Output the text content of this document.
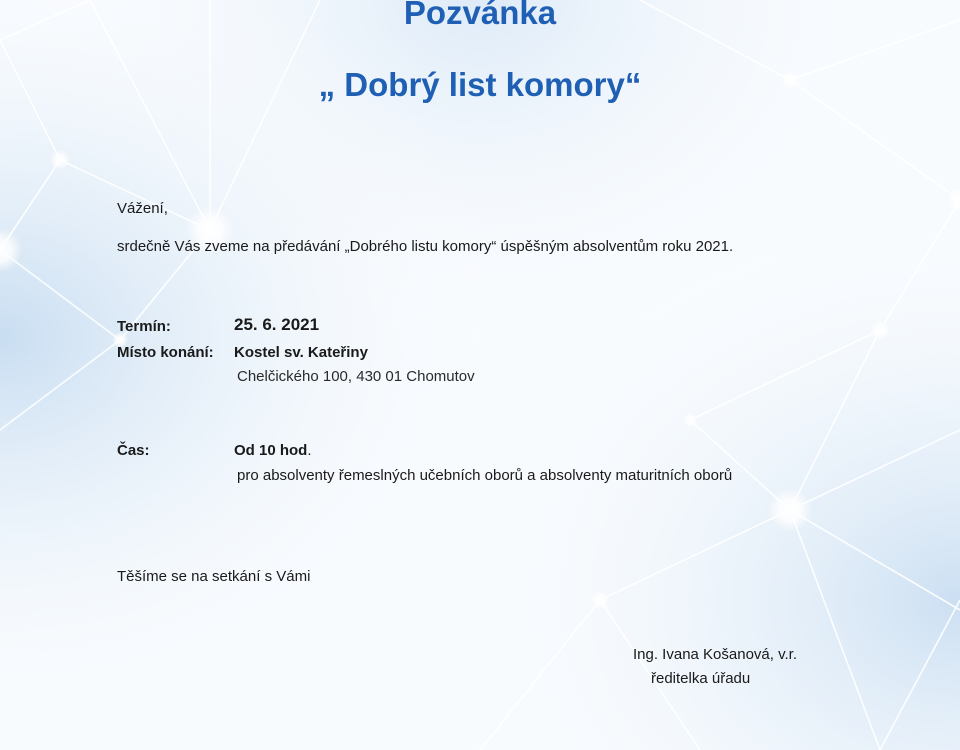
Pozvánka
„ Dobrý list komory“
Vážení,
srdečně Vás zveme na předávání „Dobrého listu komory“ úspěšným absolventům roku 2021.
Termín:	25. 6. 2021
Místo konání: Kostel sv. Kateřiny
Chelčického 100, 430 01 Chomutov
Čas:	Od 10 hod.
pro absolventy řemeslných učebních oborů a absolventy maturitních oborů
Těšíme se na setkání s Vámi
Ing. Ivana Košanová, v.r.
ředitelka úřadu
